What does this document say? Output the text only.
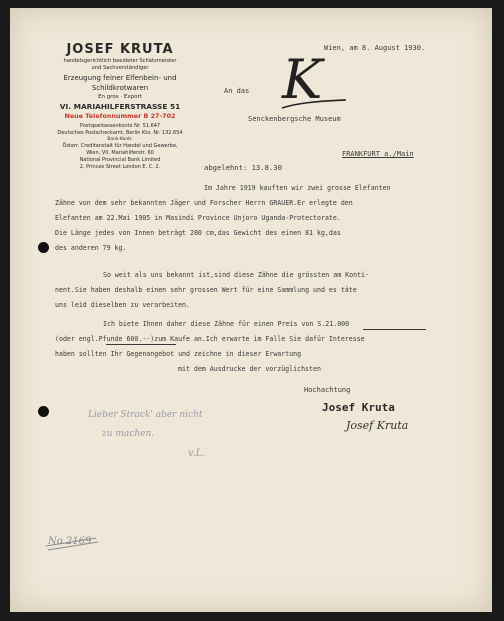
JOSEF KRUTA
handelsgerichtlich beeideter Schätzmeister
und Sachverständiger
Erzeugung feiner Elfenbein- und
Schildkrotwaren
En gros · Export
VI. MARIAHILFERSTRASSE 51
Neue Telefonnummer B 27-702
Postsparkassenkonto Nr. 51.647
Deutsches Postscheckamt, Berlin Kto. Nr. 132.654
Bank-Konti:
Österr. Creditanstalt für Handel und Gewerbe,
Wien, VII. Mariahilferstr. 60
National Provincial Bank Limited
2, Princes Street London E. C. 2.
Wien, am 8. August 1930.
An das K
Senckenbergsche Museum
FRANKFURT a./Main
abgelehnt: 13.8.30
Im Jahre 1919 kauften wir zwei grosse Elefanten
Zähne von dem sehr bekannten Jäger und Forscher Herrn GRAUER.Er erlegte den
Elefanten am 22.Mai 1905 in Masindi Province Unjoro Uganda-Protectorate.
Die Länge jedes von Innen beträgt 280 cm,das Gewicht des einen 81 kg,das
des anderen 79 kg.
So weit als uns bekannt ist,sind diese Zähne die grössten am Konti-
nent.Sie haben deshalb einen sehr grossen Wert für eine Sammlung und es täte
uns leid dieselben zu verarbeiten.
Ich biete Ihnen daher diese Zähne für einen Preis von S.21.000
(oder engl.Pfunde 600.--)zum Kaufe an.Ich erwarte im Falle Sie dafür Interesse
haben sollten Ihr Gegenangebot und zeichne in dieser Erwartung
mit dem Ausdrucke der vorzüglichsten
Hochachtung
Josef Kruta
Josef Kruta
Lieber Strack' aber nicht
zu machen.
v.L.
No 2169
